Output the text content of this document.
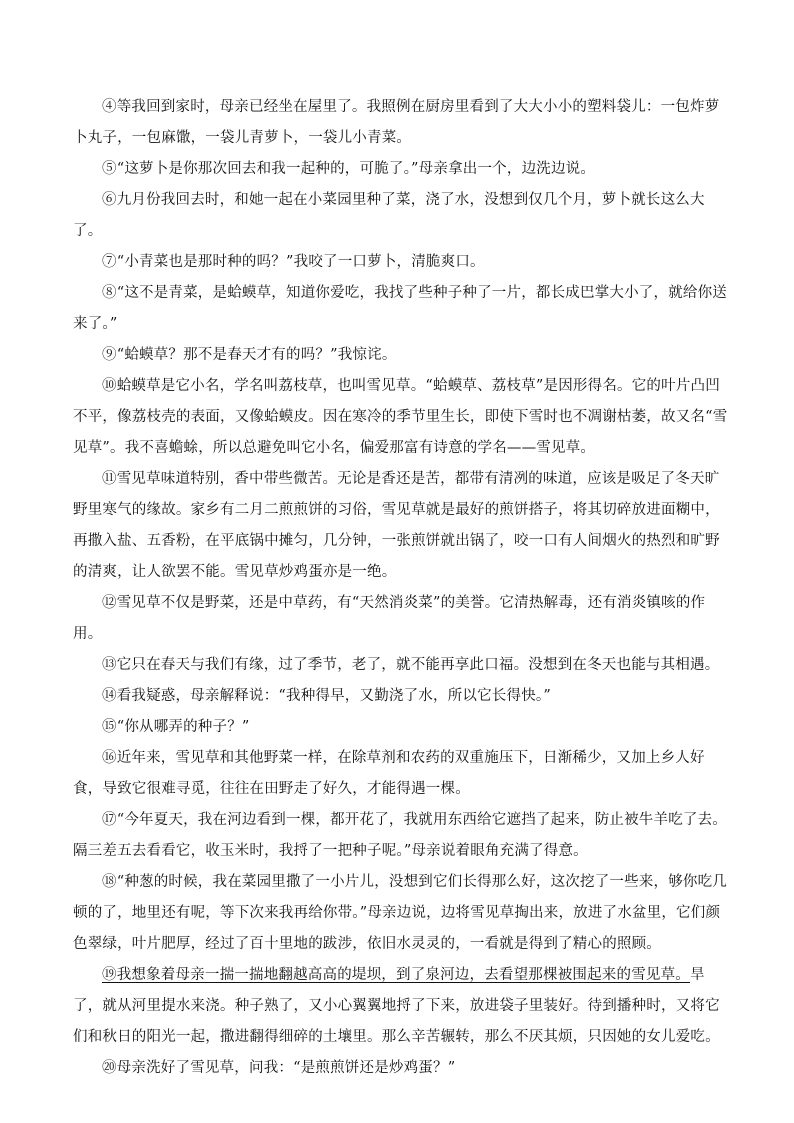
④等我回到家时，母亲已经坐在屋里了。我照例在厨房里看到了大大小小的塑料袋儿：一包炸萝卜丸子，一包麻馓，一袋儿青萝卜，一袋儿小青菜。

⑤“这萝卜是你那次回去和我一起种的，可脆了。”母亲拿出一个，边洗边说。

⑥九月份我回去时，和她一起在小菜园里种了菜，浇了水，没想到仅几个月，萝卜就长这么大了。

⑦“小青菜也是那时种的吗？”我咬了一口萝卜，清脆爽口。

⑧“这不是青菜，是蛤蟆草，知道你爱吃，我找了些种子种了一片，都长成巴掌大小了，就给你送来了。”

⑨“蛤蟆草？那不是春天才有的吗？”我惊诧。

⑩蛤蟆草是它小名，学名叫荔枝草，也叫雪见草。“蛤蟆草、荔枝草”是因形得名。它的叶片凸凹不平，像荔枝壳的表面，又像蛤蟆皮。因在寒冷的季节里生长，即使下雪时也不凋谢枯萎，故又名“雪见草”。我不喜蟾蜍，所以总避免叫它小名，偏爱那富有诗意的学名——雪见草。

⑪雪见草味道特别，香中带些微苦。无论是香还是苦，都带有清冽的味道，应该是吸足了冬天旷野里寒气的缘故。家乡有二月二煎煎饼的习俗，雪见草就是最好的煎饼搭子，将其切碎放进面糊中，再撒入盐、五香粉，在平底锅中摊匀，几分钟，一张煎饼就出锅了，咬一口有人间烟火的热烈和旷野的清爽，让人欲罢不能。雪见草炒鸡蛋亦是一绝。

⑫雪见草不仅是野菜，还是中草药，有“天然消炎菜”的美誉。它清热解毒，还有消炎镇咳的作用。

⑬它只在春天与我们有缘，过了季节，老了，就不能再享此口福。没想到在冬天也能与其相遇。

⑭看我疑惑，母亲解释说：“我种得早，又勤浇了水，所以它长得快。”

⑮“你从哪弄的种子？”

⑯近年来，雪见草和其他野菜一样，在除草剂和农药的双重施压下，日渐稀少，又加上乡人好食，导致它很难寻觅，往往在田野走了好久，才能得遇一棵。

⑰“今年夏天，我在河边看到一棵，都开花了，我就用东西给它遮挡了起来，防止被牛羊吃了去。隔三差五去看看它，收玉米时，我捋了一把种子呢。”母亲说着眼角充满了得意。

⑱“种葱的时候，我在菜园里撒了一小片儿，没想到它们长得那么好，这次挖了一些来，够你吃几顿的了，地里还有呢，等下次来我再给你带。”母亲边说，边将雪见草掏出来，放进了水盆里，它们颜色翠绿，叶片肥厚，经过了百十里地的跋涉，依旧水灵灵的，一看就是得到了精心的照顾。

⑲我想象着母亲一揣一揣地翻越高高的堤坝，到了泉河边，去看望那棵被围起来的雪见草。旱了，就从河里提水来浇。种子熟了，又小心翼翼地捋了下来，放进袋子里装好。待到播种时，又将它们和秋日的阳光一起，撒进翻得细碎的土壤里。那么辛苦辗转，那么不厌其烦，只因她的女儿爱吃。

⑳母亲洗好了雪见草，问我：“是煎煎饼还是炒鸡蛋？”
